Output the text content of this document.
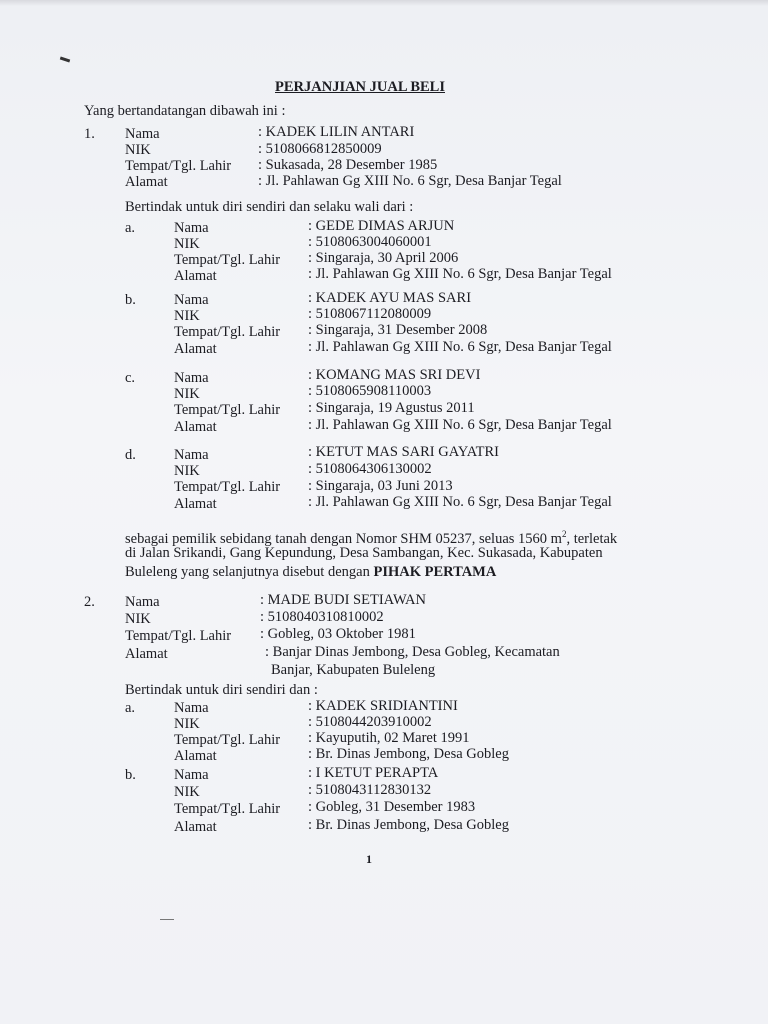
PERJANJIAN JUAL BELI
Yang bertandatangan dibawah ini :
1. Nama	: KADEK LILIN ANTARI
NIK	: 5108066812850009
Tempat/Tgl. Lahir : Sukasada, 28 Desember 1985
Alamat	: Jl. Pahlawan Gg XIII No. 6 Sgr, Desa Banjar Tegal
Bertindak untuk diri sendiri dan selaku wali dari :
a.	Nama	: GEDE DIMAS ARJUN
NIK	: 5108063004060001
Tempat/Tgl. Lahir : Singaraja, 30 April 2006
Alamat	: Jl. Pahlawan Gg XIII No. 6 Sgr, Desa Banjar Tegal
b.	Nama	: KADEK AYU MAS SARI
NIK	: 5108067112080009
Tempat/Tgl. Lahir : Singaraja, 31 Desember 2008
Alamat	: Jl. Pahlawan Gg XIII No. 6 Sgr, Desa Banjar Tegal
c.	Nama	: KOMANG MAS SRI DEVI
NIK	: 5108065908110003
Tempat/Tgl. Lahir : Singaraja, 19 Agustus 2011
Alamat	: Jl. Pahlawan Gg XIII No. 6 Sgr, Desa Banjar Tegal
d.	Nama	: KETUT MAS SARI GAYATRI
NIK	: 5108064306130002
Tempat/Tgl. Lahir : Singaraja, 03 Juni 2013
Alamat	: Jl. Pahlawan Gg XIII No. 6 Sgr, Desa Banjar Tegal
sebagai pemilik sebidang tanah dengan Nomor SHM 05237, seluas 1560 $m^2$, terletak
di Jalan Srikandi, Gang Kepundung, Desa Sambangan, Kec. Sukasada, Kabupaten
Buleleng yang selanjutnya disebut dengan PIHAK PERTAMA
2. Nama	: MADE BUDI SETIAWAN
NIK	: 5108040310810002
Tempat/Tgl. Lahir : Gobleg, 03 Oktober 1981
Alamat	: Banjar Dinas Jembong, Desa Gobleg, Kecamatan
Banjar, Kabupaten Buleleng
Bertindak untuk diri sendiri dan :
a.	Nama	: KADEK SRIDIANTINI
NIK	: 5108044203910002
Tempat/Tgl. Lahir : Kayuputih, 02 Maret 1991
Alamat	: Br. Dinas Jembong, Desa Gobleg
b.	Nama	: I KETUT PERAPTA
NIK	: 5108043112830132
Tempat/Tgl. Lahir : Gobleg, 31 Desember 1983
Alamat	: Br. Dinas Jembong, Desa Gobleg
1
